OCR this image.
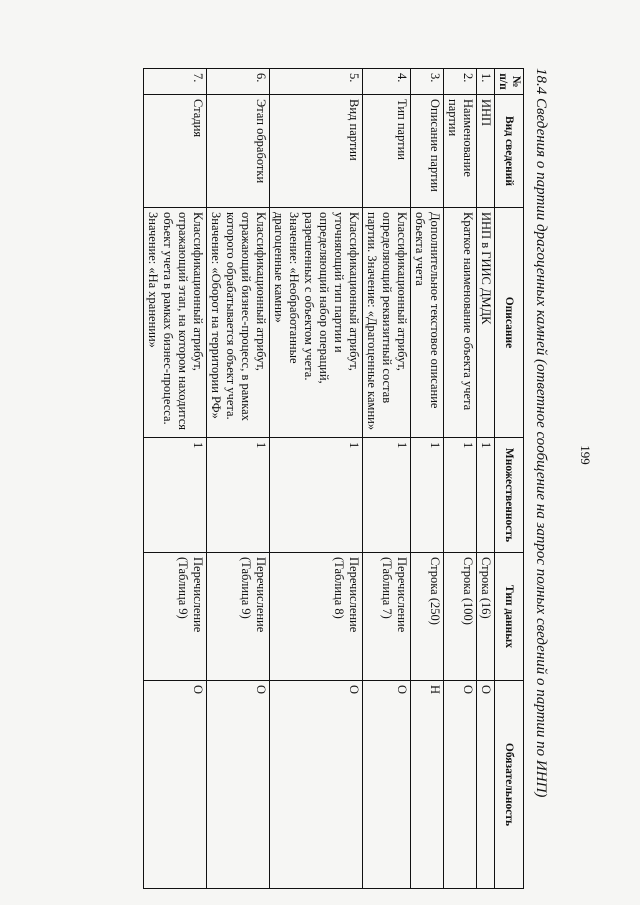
199
18.4 Сведения о партии драгоценных камней (ответное сообщение на запрос полных сведений о партии по ИНП)
№ п/п	Вид сведений	Описание	Множественность	Тип данных	Обязательность
1.	ИНП	ИНП в ГИИС ДМДК	1	Строка (16)	О
2.	Наименование партии	Краткое наименование объекта учета	1	Строка (100)	О
3.	Описание партии	Дополнительное текстовое описание объекта учета	1	Строка (250)	Н
4.	Тип партии	Классификационный атрибут, определяющий реквизитный состав партии. Значение: «Драгоценные камни»	1	Перечисление (Таблица 7)	О
5.	Вид партии	Классификационный атрибут, уточняющий тип партии и определяющий набор операций, разрешенных с объектом учета. Значение: «Необработанные драгоценные камни»	1	Перечисление (Таблица 8)	О
6.	Этап обработки	Классификационный атрибут, отражающий бизнес-процесс, в рамках которого обрабатывается объект учета. Значение: «Оборот на территории РФ»	1	Перечисление (Таблица 9)	О
7.	Стадия	Классификационный атрибут, отражающий этап, на котором находится объект учета в рамках бизнес-процесса. Значение: «На хранении»	1	Перечисление (Таблица 9)	О
